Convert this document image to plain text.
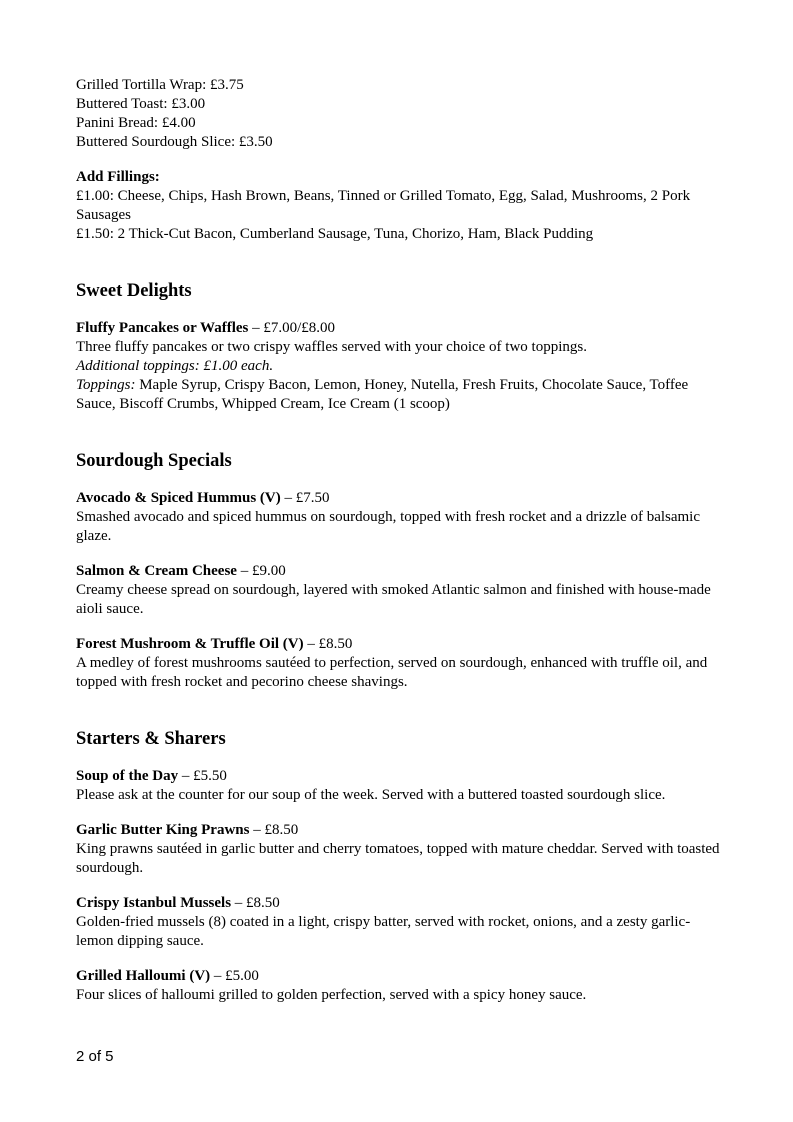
Grilled Tortilla Wrap: £3.75

Buttered Toast: £3.00

Panini Bread: £4.00

Buttered Sourdough Slice: £3.50

Add Fillings:

£1.00: Cheese, Chips, Hash Brown, Beans, Tinned or Grilled Tomato, Egg, Salad, Mushrooms, 2 Pork Sausages

£1.50: 2 Thick-Cut Bacon, Cumberland Sausage, Tuna, Chorizo, Ham, Black Pudding

Sweet Delights

Fluffy Pancakes or Waffles – £7.00/£8.00

Three fluffy pancakes or two crispy waffles served with your choice of two toppings.

Additional toppings: £1.00 each.

Toppings: Maple Syrup, Crispy Bacon, Lemon, Honey, Nutella, Fresh Fruits, Chocolate Sauce, Toffee Sauce, Biscoff Crumbs, Whipped Cream, Ice Cream (1 scoop)

Sourdough Specials

Avocado & Spiced Hummus (V) – £7.50

Smashed avocado and spiced hummus on sourdough, topped with fresh rocket and a drizzle of balsamic glaze.

Salmon & Cream Cheese – £9.00

Creamy cheese spread on sourdough, layered with smoked Atlantic salmon and finished with house-made aioli sauce.

Forest Mushroom & Truffle Oil (V) – £8.50

A medley of forest mushrooms sautéed to perfection, served on sourdough, enhanced with truffle oil, and topped with fresh rocket and pecorino cheese shavings.

Starters & Sharers

Soup of the Day – £5.50

Please ask at the counter for our soup of the week. Served with a buttered toasted sourdough slice.

Garlic Butter King Prawns – £8.50

King prawns sautéed in garlic butter and cherry tomatoes, topped with mature cheddar. Served with toasted sourdough.

Crispy Istanbul Mussels – £8.50

Golden-fried mussels (8) coated in a light, crispy batter, served with rocket, onions, and a zesty garlic-lemon dipping sauce.

Grilled Halloumi (V) – £5.00

Four slices of halloumi grilled to golden perfection, served with a spicy honey sauce.

2 of 5
